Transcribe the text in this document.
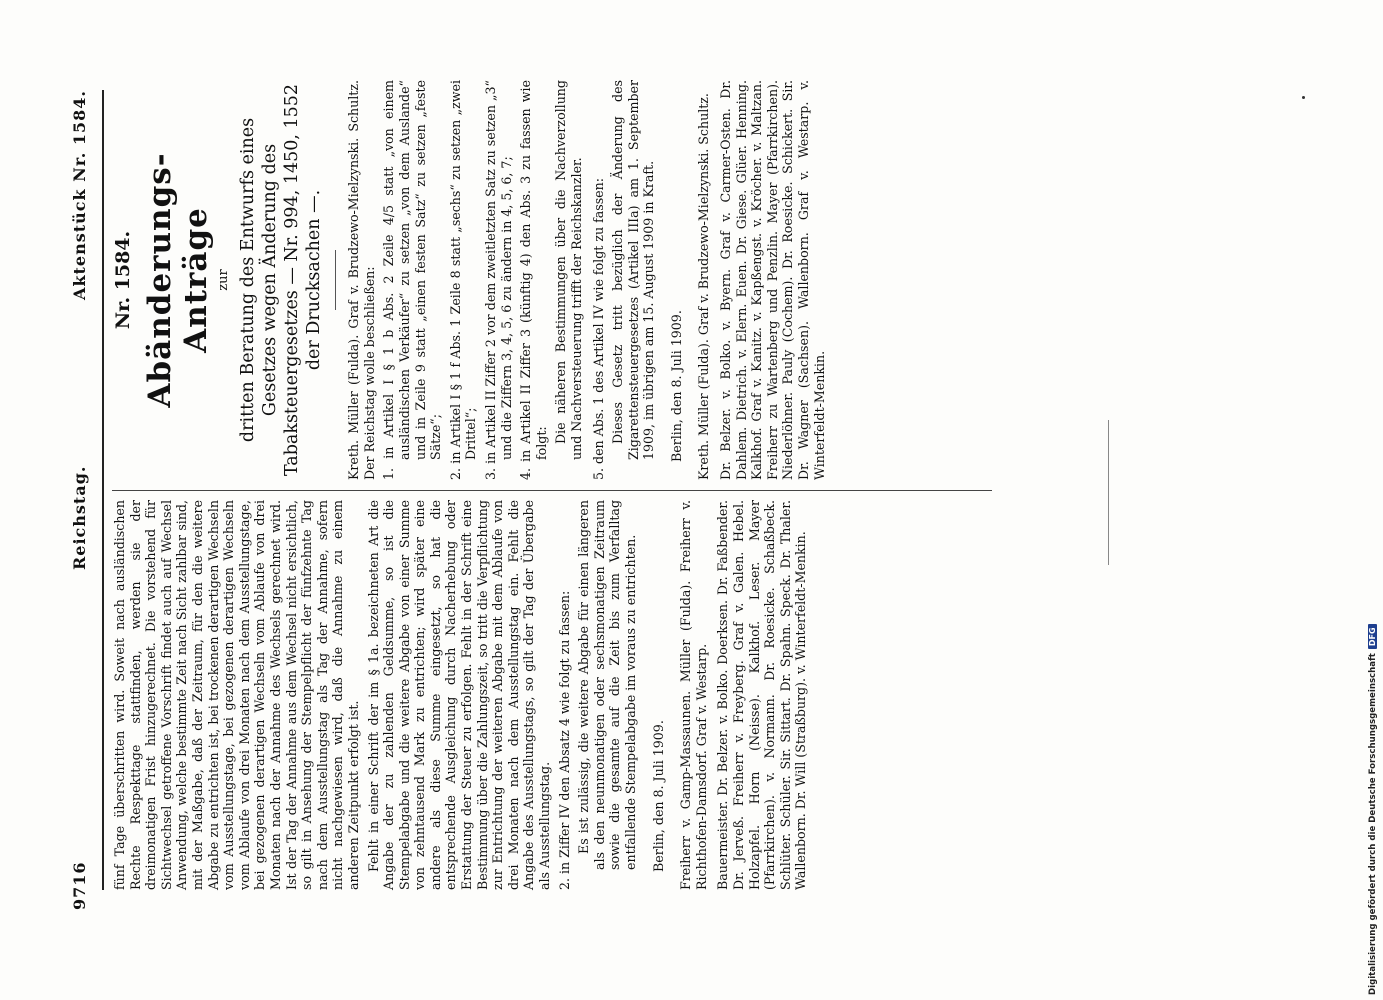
9716
Reichstag.
Aktenstück Nr. 1584.

fünf Tage überschritten wird. Soweit nach ausländischen Rechte Respekttage stattfinden, werden sie der dreimonatigen Frist hinzugerechnet. Die vorstehend für Sichtwechsel getroffene Vorschrift findet auch auf Wechsel Anwendung, welche bestimmte Zeit nach Sicht zahlbar sind, mit der Maßgabe, daß der Zeitraum, für den die weitere Abgabe zu entrichten ist, bei trockenen derartigen Wechseln vom Ausstellungstage, bei gezogenen derartigen Wechseln vom Ablaufe von drei Monaten nach dem Ausstellungstage, bei gezogenen derartigen Wechseln vom Ablaufe von drei Monaten nach der Annahme des Wechsels gerechnet wird. Ist der Tag der Annahme aus dem Wechsel nicht ersichtlich, so gilt in Ansehung der Stempelpflicht der fünfzehnte Tag nach dem Ausstellungstag als Tag der Annahme, sofern nicht nachgewiesen wird, daß die Annahme zu einem anderen Zeitpunkt erfolgt ist. Fehlt in einer Schrift der im § 1a. bezeichneten Art die Angabe der zu zahlenden Geldsumme, so ist die Stempelabgabe und die weitere Abgabe von einer Summe von zehntausend Mark zu entrichten; wird später eine andere als diese Summe eingesetzt, so hat die entsprechende Ausgleichung durch Nacherhebung oder Erstattung der Steuer zu erfolgen. Fehlt in der Schrift eine Bestimmung über die Zahlungszeit, so tritt die Verpflichtung zur Entrichtung der weiteren Abgabe mit dem Ablaufe von drei Monaten nach dem Ausstellungstag ein. Fehlt die Angabe des Ausstellungstags, so gilt der Tag der Übergabe als Ausstellungstag. 2. in Ziffer IV den Absatz 4 wie folgt zu fassen: Es ist zulässig, die weitere Abgabe für einen längeren als den neunmonatigen oder sechsmonatigen Zeitraum sowie die gesamte auf die Zeit bis zum Verfalltag entfallende Stempelabgabe im voraus zu entrichten. Berlin, den 8. Juli 1909. Freiherr v. Gamp-Massaunen. Müller (Fulda). Freiherr v. Richthofen-Damsdorf. Graf v. Westarp. Bauermeister. Dr. Belzer. v. Bolko. Doerksen. Dr. Faßbender. Dr. Jerveß. Freiherr v. Freyberg. Graf v. Galen. Hebel. Holzapfel. Horn (Neisse). Kalkhof. Leser. Mayer (Pfarrkirchen). v. Normann. Dr. Roesicke. Schaßbeck. Schlüter. Schüler. Sir. Sittart. Dr. Spahn. Speck. Dr. Thaler. Wallenborn. Dr. Will (Straßburg). v. Winterfeldt-Menkin.

Nr. 1584. Abänderungs-Anträge zur dritten Beratung des Entwurfs eines Gesetzes wegen Änderung des Tabaksteuergesetzes — Nr. 994, 1450, 1552 der Drucksachen —. Kreth. Müller (Fulda). Graf v. Brudzewo-Mielzynski. Schultz. Der Reichstag wolle beschließen: 1. in Artikel I § 1 b Abs. 2 Zeile 4/5 statt „von einem ausländischen Verkäufer“ zu setzen „von dem Auslande“ und in Zeile 9 statt „einen festen Satz“ zu setzen „feste Sätze“; 2. in Artikel I § 1 f Abs. 1 Zeile 8 statt „sechs“ zu setzen „zwei Drittel“; 3. in Artikel II Ziffer 2 vor dem zweitletzten Satz zu setzen „3“ und die Ziffern 3, 4, 5, 6 zu ändern in 4, 5, 6, 7; 4. in Artikel II Ziffer 3 (künftig 4) den Abs. 3 zu fassen wie folgt: Die näheren Bestimmungen über die Nachverzollung und Nachversteuerung trifft der Reichskanzler. 5. den Abs. 1 des Artikel IV wie folgt zu fassen: Dieses Gesetz tritt bezüglich der Änderung des Zigarettensteuergesetzes (Artikel IIIa) am 1. September 1909, im übrigen am 15. August 1909 in Kraft. Berlin, den 8. Juli 1909. Kreth. Müller (Fulda). Graf v. Brudzewo-Mielzynski. Schultz. Dr. Belzer. v. Bolko. v. Byern. Graf v. Carmer-Osten. Dr. Dahlem. Dietrich. v. Elern. Euen. Dr. Giese. Glüer. Henning. Kalkhof. Graf v. Kanitz. v. Kapßengst. v. Kröcher. v. Maltzan. Freiherr zu Wartenberg und Penzlin. Mayer (Pfarrkirchen). Niederlöhner. Pauly (Cochem). Dr. Roesicke. Schickert. Sir. Dr. Wagner (Sachsen). Wallenborn. Graf v. Westarp. v. Winterfeldt-Menkin.

Digitalisierung gefördert durch die Deutsche ForschungsgemeinschaftDFG
